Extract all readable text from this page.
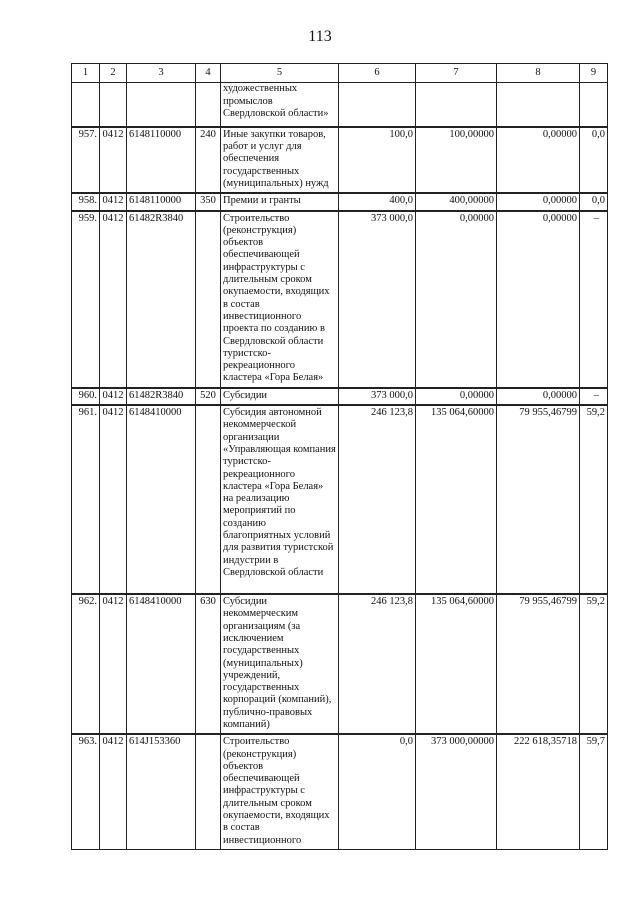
113
1	2	3	4	5	6	7	8	9
				художественных промыслов Свердловской области»				
957.	0412	6148110000	240	Иные закупки товаров, работ и услуг для обеспечения государственных (муниципальных) нужд	100,0	100,00000	0,00000	0,0
958.	0412	6148110000	350	Премии и гранты	400,0	400,00000	0,00000	0,0
959.	0412	61482R3840		Строительство (реконструкция) объектов обеспечивающей инфраструктуры с длительным сроком окупаемости, входящих в состав инвестиционного проекта по созданию в Свердловской области туристско-рекреационного кластера «Гора Белая»	373 000,0	0,00000	0,00000	–
960.	0412	61482R3840	520	Субсидии	373 000,0	0,00000	0,00000	–
961.	0412	6148410000		Субсидия автономной некоммерческой организации «Управляющая компания туристско-рекреационного кластера «Гора Белая» на реализацию мероприятий по созданию благоприятных условий для развития туристской индустрии в Свердловской области	246 123,8	135 064,60000	79 955,46799	59,2
962.	0412	6148410000	630	Субсидии некоммерческим организациям (за исключением государственных (муниципальных) учреждений, государственных корпораций (компаний), публично-правовых компаний)	246 123,8	135 064,60000	79 955,46799	59,2
963.	0412	614J153360		Строительство (реконструкция) объектов обеспечивающей инфраструктуры с длительным сроком окупаемости, входящих в состав инвестиционного	0,0	373 000,00000	222 618,35718	59,7
